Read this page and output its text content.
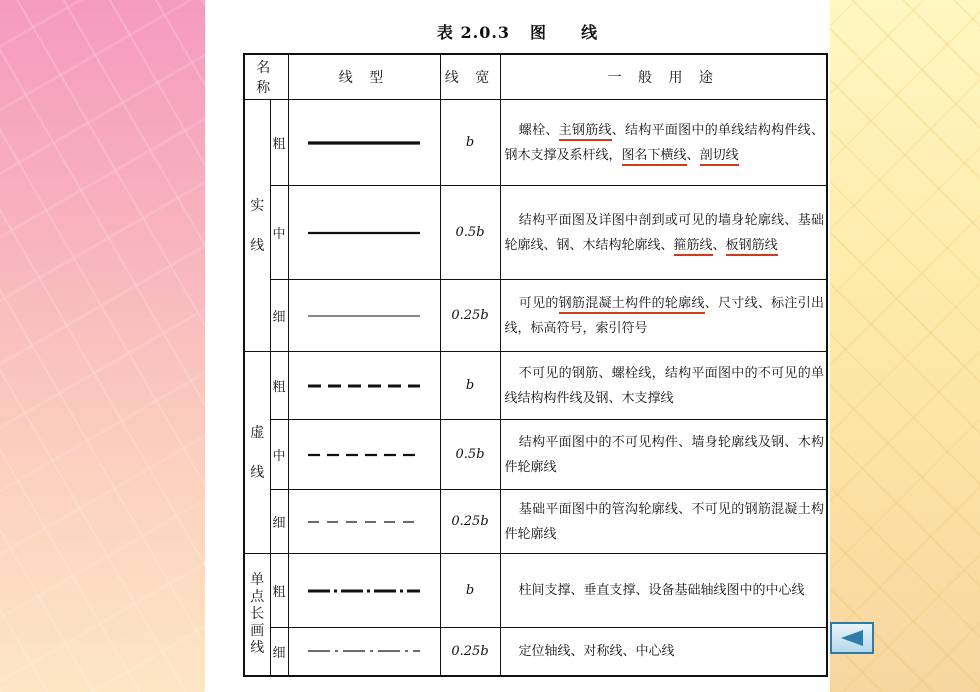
表 2.0.3 图 线
名 称		线 型	线 宽	一 般 用 途
实
线	粗		b	螺栓、主钢筋线、结构平面图中的单线结构构件线、钢木支撑及系杆线，图名下横线、剖切线
	中		0.5b	结构平面图及详图中剖到或可见的墙身轮廓线、基础轮廓线、钢、木结构轮廓线、箍筋线、板钢筋线
	细		0.25b	可见的钢筋混凝土构件的轮廓线、尺寸线、标注引出线，标高符号，索引符号
虚
线	粗		b	不可见的钢筋、螺栓线，结构平面图中的不可见的单线结构构件线及钢、木支撑线
	中		0.5b	结构平面图中的不可见构件、墙身轮廓线及钢、木构件轮廓线
	细		0.25b	基础平面图中的管沟轮廓线、不可见的钢筋混凝土构件轮廓线
单
点
长
画
线	粗		b	柱间支撑、垂直支撑、设备基础轴线图中的中心线
	细		0.25b	定位轴线、对称线、中心线
